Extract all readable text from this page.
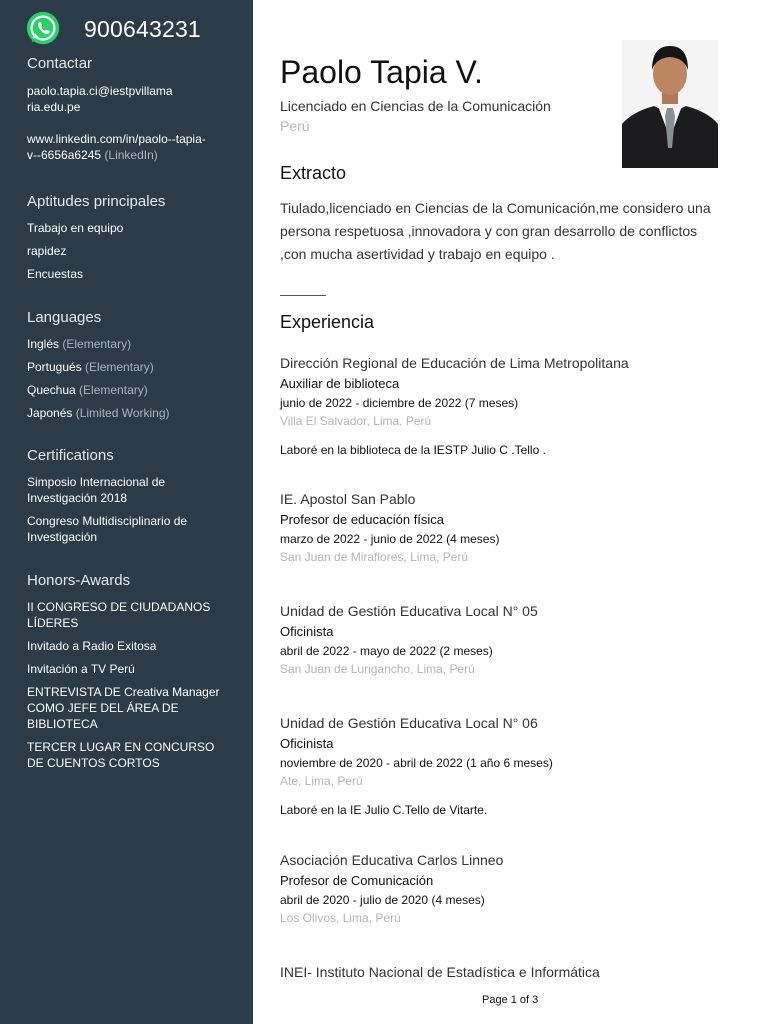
900643231
Contactar
paolo.tapia.ci@iestpvillama
ria.edu.pe
www.linkedin.com/in/paolo--tapia-
v--6656a6245 (LinkedIn)
Aptitudes principales
Trabajo en equipo
rapidez
Encuestas
Languages
Inglés (Elementary)
Portugués (Elementary)
Quechua (Elementary)
Japonés (Limited Working)
Certifications
Simposio Internacional de
Investigación 2018
Congreso Multidisciplinario de
Investigación
Honors-Awards
II CONGRESO DE CIUDADANOS
LÍDERES
Invitado a Radio Exitosa
Invitación a TV Perú
ENTREVISTA DE Creativa Manager
COMO JEFE DEL ÁREA DE
BIBLIOTECA
TERCER LUGAR EN CONCURSO
DE CUENTOS CORTOS
Paolo Tapia V.
Licenciado en Ciencias de la Comunicación
Perú
Extracto
Tiulado,licenciado en Ciencias de la Comunicación,me considero una persona respetuosa ,innovadora y con gran desarrollo de conflictos ,con mucha asertividad y trabajo en equipo .
Experiencia
Dirección Regional de Educación de Lima Metropolitana
Auxiliar de biblioteca
junio de 2022 - diciembre de 2022 (7 meses)
Villa El Salvador, Lima, Perú
Laboré en la biblioteca de la IESTP Julio C .Tello .
IE. Apostol San Pablo
Profesor de educación física
marzo de 2022 - junio de 2022 (4 meses)
San Juan de Miraflores, Lima, Perú
Unidad de Gestión Educativa Local N° 05
Oficinista
abril de 2022 - mayo de 2022 (2 meses)
San Juan de Lurigancho, Lima, Perú
Unidad de Gestión Educativa Local N° 06
Oficinista
noviembre de 2020 - abril de 2022 (1 año 6 meses)
Ate, Lima, Perú
Laboré en la IE Julio C.Tello de Vitarte.
Asociación Educativa Carlos Linneo
Profesor de Comunicación
abril de 2020 - julio de 2020 (4 meses)
Los Olivos, Lima, Perú
INEI- Instituto Nacional de Estadística e Informática
Page 1 of 3
